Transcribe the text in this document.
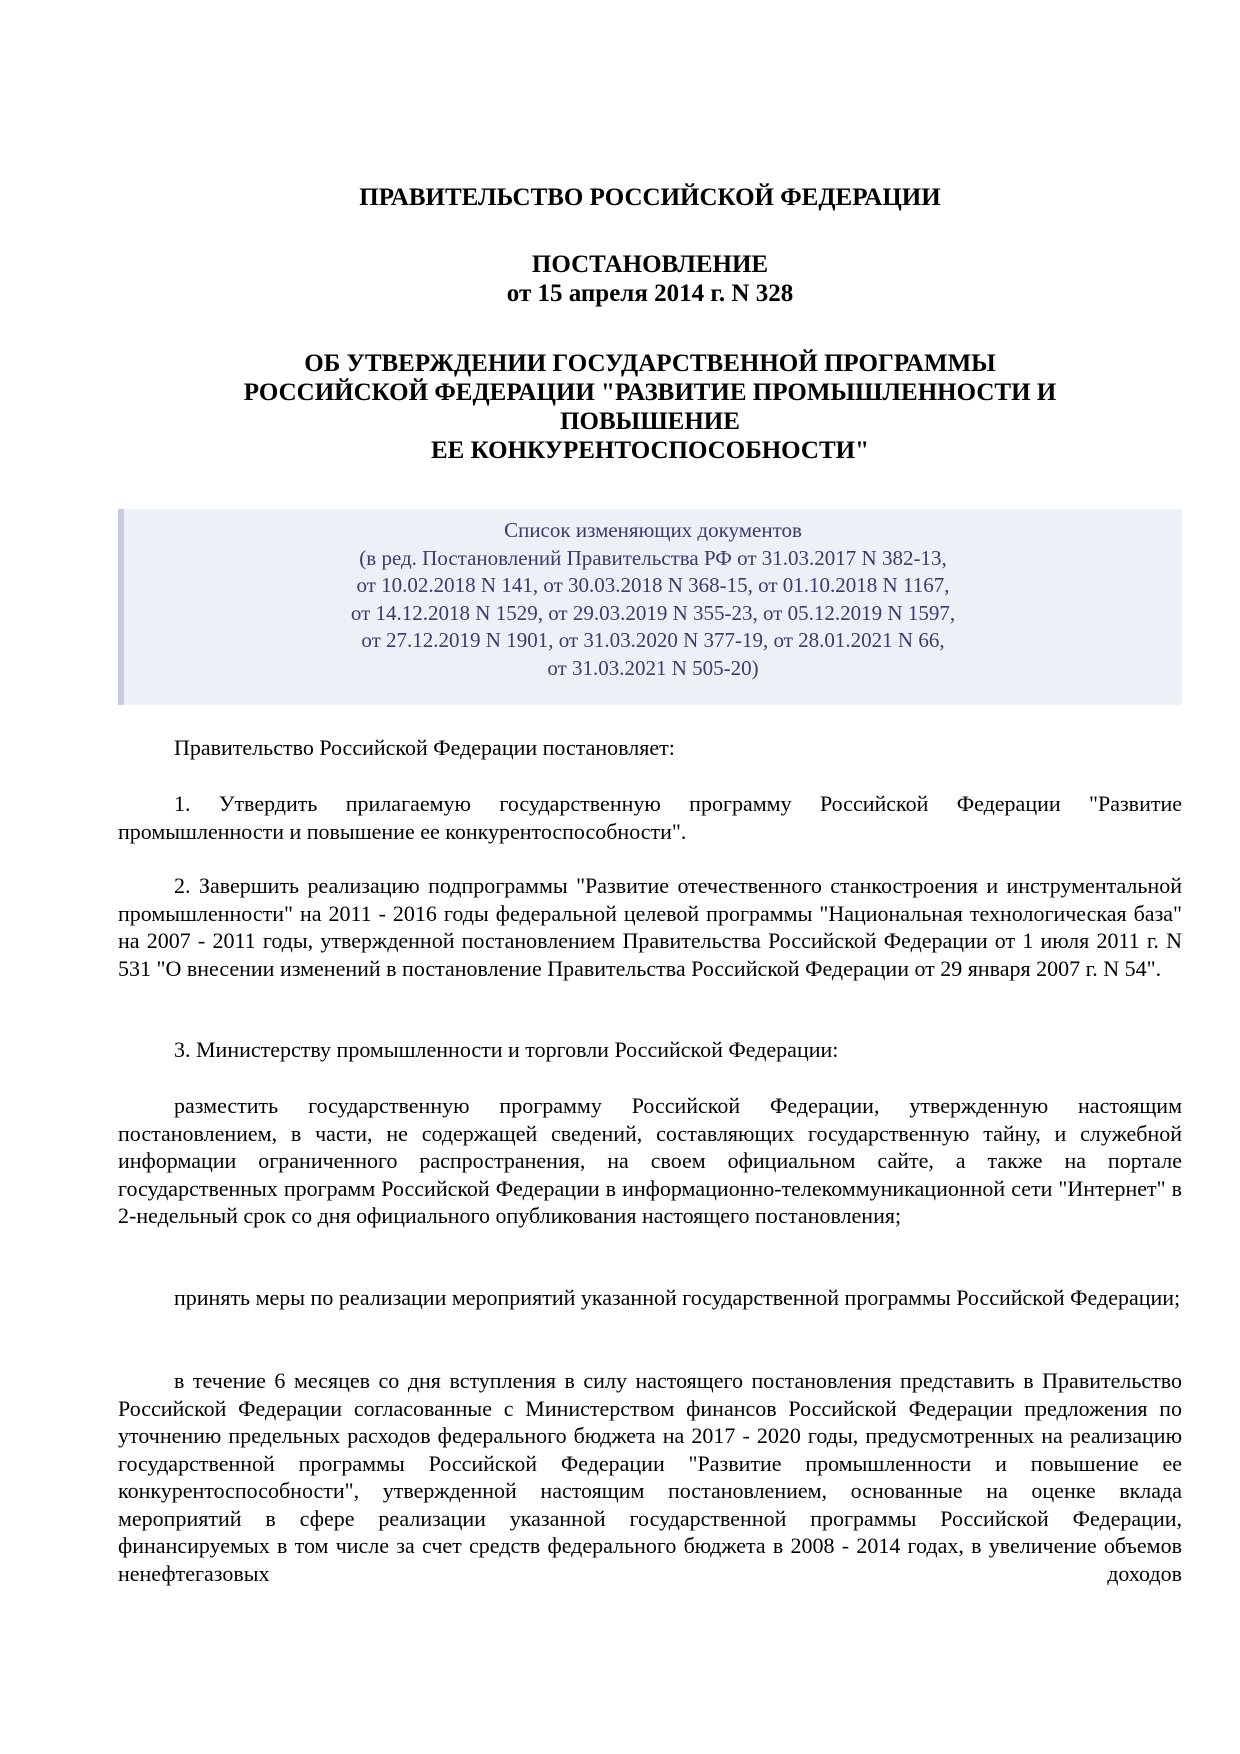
ПРАВИТЕЛЬСТВО РОССИЙСКОЙ ФЕДЕРАЦИИ
ПОСТАНОВЛЕНИЕ
от 15 апреля 2014 г. N 328
ОБ УТВЕРЖДЕНИИ ГОСУДАРСТВЕННОЙ ПРОГРАММЫ
РОССИЙСКОЙ ФЕДЕРАЦИИ "РАЗВИТИЕ ПРОМЫШЛЕННОСТИ И
ПОВЫШЕНИЕ
ЕЕ КОНКУРЕНТОСПОСОБНОСТИ"
Список изменяющих документов
(в ред. Постановлений Правительства РФ от 31.03.2017 N 382-13,
от 10.02.2018 N 141, от 30.03.2018 N 368-15, от 01.10.2018 N 1167,
от 14.12.2018 N 1529, от 29.03.2019 N 355-23, от 05.12.2019 N 1597,
от 27.12.2019 N 1901, от 31.03.2020 N 377-19, от 28.01.2021 N 66,
от 31.03.2021 N 505-20)

Правительство Российской Федерации постановляет:

1. Утвердить прилагаемую государственную программу Российской Федерации "Развитие промышленности и повышение ее конкурентоспособности".

2. Завершить реализацию подпрограммы "Развитие отечественного станкостроения и инструментальной промышленности" на 2011 - 2016 годы федеральной целевой программы "Национальная технологическая база" на 2007 - 2011 годы, утвержденной постановлением Правительства Российской Федерации от 1 июля 2011 г. N 531 "О внесении изменений в постановление Правительства Российской Федерации от 29 января 2007 г. N 54".

3. Министерству промышленности и торговли Российской Федерации:

разместить государственную программу Российской Федерации, утвержденную настоящим постановлением, в части, не содержащей сведений, составляющих государственную тайну, и служебной информации ограниченного распространения, на своем официальном сайте, а также на портале государственных программ Российской Федерации в информационно-телекоммуникационной сети "Интернет" в 2-недельный срок со дня официального опубликования настоящего постановления;

принять меры по реализации мероприятий указанной государственной программы Российской Федерации;

в течение 6 месяцев со дня вступления в силу настоящего постановления представить в Правительство Российской Федерации согласованные с Министерством финансов Российской Федерации предложения по уточнению предельных расходов федерального бюджета на 2017 - 2020 годы, предусмотренных на реализацию государственной программы Российской Федерации "Развитие промышленности и повышение ее конкурентоспособности", утвержденной настоящим постановлением, основанные на оценке вклада мероприятий в сфере реализации указанной государственной программы Российской Федерации, финансируемых в том числе за счет средств федерального бюджета в 2008 - 2014 годах, в увеличение объемов ненефтегазовых доходов
